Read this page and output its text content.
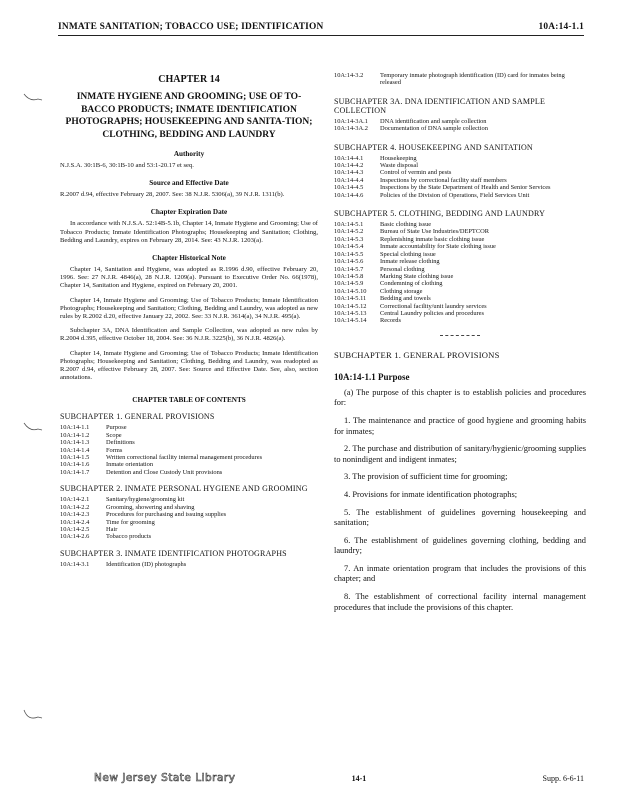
INMATE SANITATION; TOBACCO USE; IDENTIFICATION	10A:14-1.1
CHAPTER 14
INMATE HYGIENE AND GROOMING; USE OF TO-BACCO PRODUCTS; INMATE IDENTIFICATION PHOTOGRAPHS; HOUSEKEEPING AND SANITA-TION; CLOTHING, BEDDING AND LAUNDRY
Authority
N.J.S.A. 30:1B-6, 30:1B-10 and 53:1-20.17 et seq.
Source and Effective Date
R.2007 d.94, effective February 28, 2007. See: 38 N.J.R. 5306(a), 39 N.J.R. 1311(b).
Chapter Expiration Date
In accordance with N.J.S.A. 52:14B-5.1b, Chapter 14, Inmate Hygiene and Grooming; Use of Tobacco Products; Inmate Identification Photographs; Housekeeping and Sanitation; Clothing, Bedding and Laundry, expires on February 28, 2014. See: 43 N.J.R. 1203(a).
Chapter Historical Note
Chapter 14, Sanitation and Hygiene, was adopted as R.1996 d.90, effective February 20, 1996. See: 27 N.J.R. 4846(a), 28 N.J.R. 1209(a). Pursuant to Executive Order No. 66(1978), Chapter 14, Sanitation and Hygiene, expired on February 20, 2001.
Chapter 14, Inmate Hygiene and Grooming; Use of Tobacco Products; Inmate Identification Photographs; Housekeeping and Sanitation; Clothing, Bedding and Laundry, was adopted as new rules by R.2002 d.20, effective January 22, 2002. See: 33 N.J.R. 3614(a), 34 N.J.R. 495(a).
Subchapter 3A, DNA Identification and Sample Collection, was adopted as new rules by R.2004 d.395, effective October 18, 2004. See: 36 N.J.R. 3225(b), 36 N.J.R. 4826(a).
Chapter 14, Inmate Hygiene and Grooming; Use of Tobacco Products; Inmate Identification Photographs; Housekeeping and Sanitation; Clothing, Bedding and Laundry, was readopted as R.2007 d.94, effective February 28, 2007. See: Source and Effective Date. See, also, section annotations.
CHAPTER TABLE OF CONTENTS
SUBCHAPTER 1. GENERAL PROVISIONS
10A:14-1.1	Purpose
10A:14-1.2	Scope
10A:14-1.3	Definitions
10A:14-1.4	Forms
10A:14-1.5	Written correctional facility internal management procedures
10A:14-1.6	Inmate orientation
10A:14-1.7	Detention and Close Custody Unit provisions
SUBCHAPTER 2. INMATE PERSONAL HYGIENE AND GROOMING
10A:14-2.1	Sanitary/hygiene/grooming kit
10A:14-2.2	Grooming, showering and shaving
10A:14-2.3	Procedures for purchasing and issuing supplies
10A:14-2.4	Time for grooming
10A:14-2.5	Hair
10A:14-2.6	Tobacco products
SUBCHAPTER 3. INMATE IDENTIFICATION PHOTOGRAPHS
10A:14-3.1	Identification (ID) photographs
10A:14-3.2	Temporary inmate photograph identification (ID) card for inmates being released
SUBCHAPTER 3A. DNA IDENTIFICATION AND SAMPLE COLLECTION
10A:14-3A.1	DNA identification and sample collection
10A:14-3A.2	Documentation of DNA sample collection
SUBCHAPTER 4. HOUSEKEEPING AND SANITATION
10A:14-4.1	Housekeeping
10A:14-4.2	Waste disposal
10A:14-4.3	Control of vermin and pests
10A:14-4.4	Inspections by correctional facility staff members
10A:14-4.5	Inspections by the State Department of Health and Senior Services
10A:14-4.6	Policies of the Division of Operations, Field Services Unit
SUBCHAPTER 5. CLOTHING, BEDDING AND LAUNDRY
10A:14-5.1	Basic clothing issue
10A:14-5.2	Bureau of State Use Industries/DEPTCOR
10A:14-5.3	Replenishing inmate basic clothing issue
10A:14-5.4	Inmate accountability for State clothing issue
10A:14-5.5	Special clothing issue
10A:14-5.6	Inmate release clothing
10A:14-5.7	Personal clothing
10A:14-5.8	Marking State clothing issue
10A:14-5.9	Condemning of clothing
10A:14-5.10	Clothing storage
10A:14-5.11	Bedding and towels
10A:14-5.12	Correctional facility/unit laundry services
10A:14-5.13	Central Laundry policies and procedures
10A:14-5.14	Records
SUBCHAPTER 1. GENERAL PROVISIONS
10A:14-1.1 Purpose
(a) The purpose of this chapter is to establish policies and procedures for:
1. The maintenance and practice of good hygiene and grooming habits for inmates;
2. The purchase and distribution of sanitary/hygienic/grooming supplies to nonindigent and indigent inmates;
3. The provision of sufficient time for grooming;
4. Provisions for inmate identification photographs;
5. The establishment of guidelines governing housekeeping and sanitation;
6. The establishment of guidelines governing clothing, bedding and laundry;
7. An inmate orientation program that includes the provisions of this chapter; and
8. The establishment of correctional facility internal management procedures that include the provisions of this chapter.
New Jersey State Library	14-1	Supp. 6-6-11
